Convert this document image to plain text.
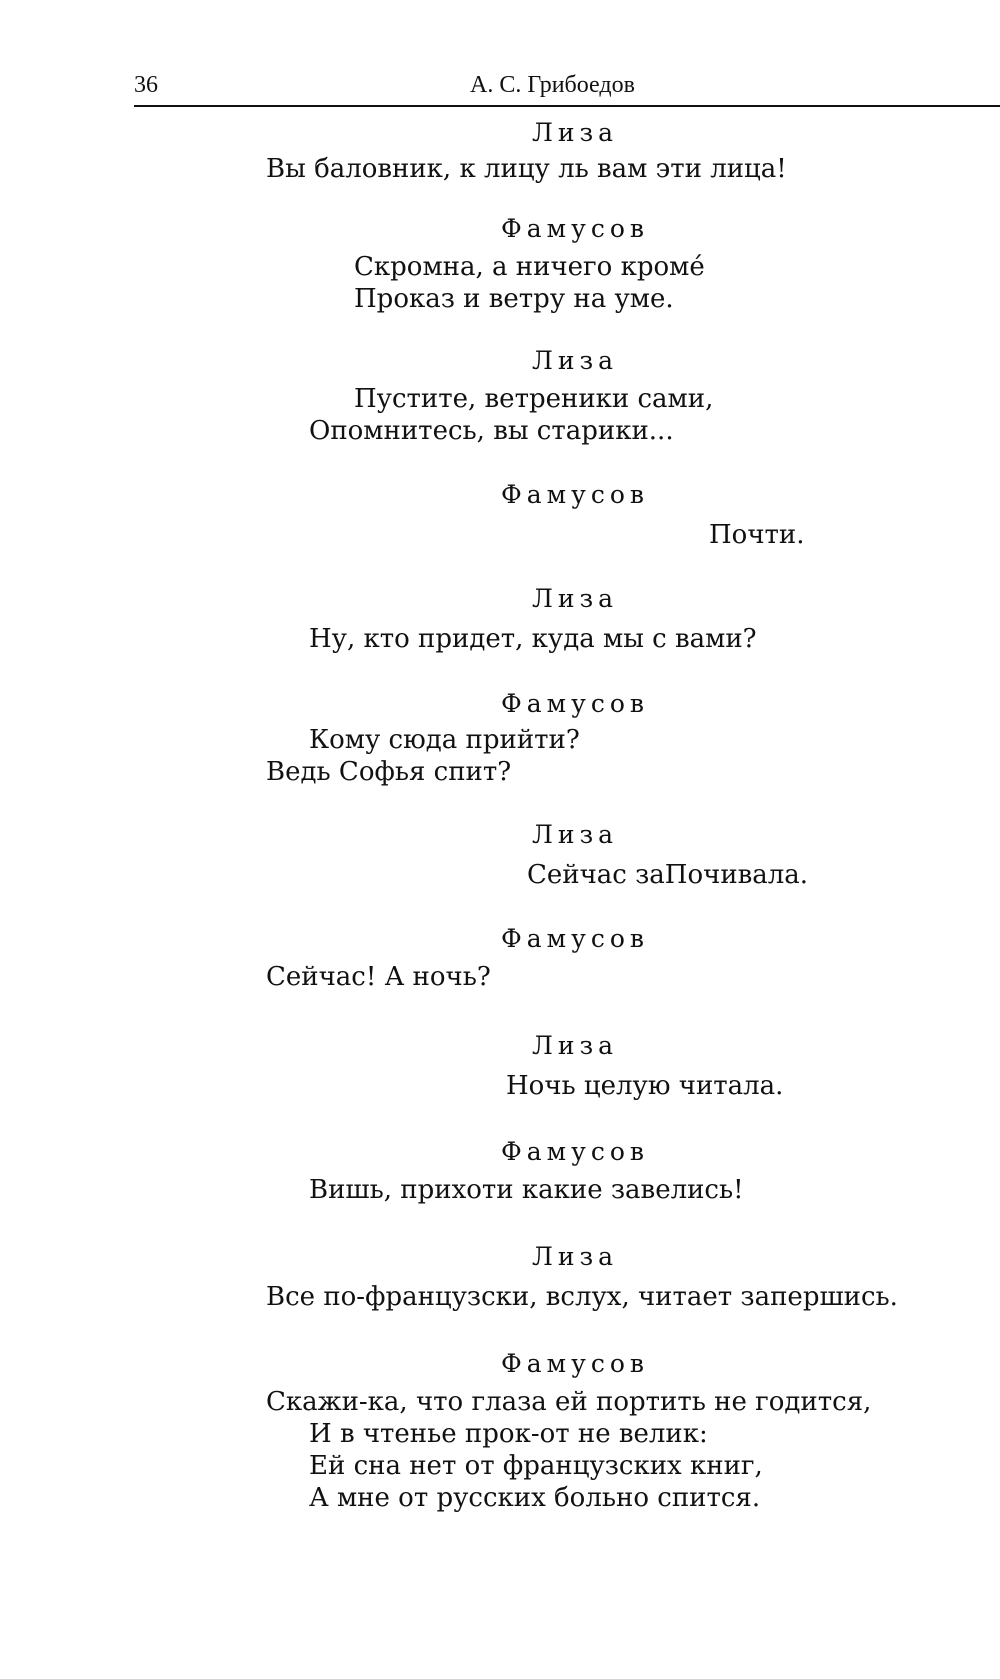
36	А. С. Грибоедов
Лиза
Вы баловник, к лицу ль вам эти лица!
Фамусов
Скромна, а ничего кромé
Проказ и ветру на уме.
Лиза
Пустите, ветреники сами,
Опомнитесь, вы старики...
Фамусов
Почти.
Лиза
Ну, кто придет, куда мы с вами?
Фамусов
Кому сюда прийти?
Ведь Софья спит?
Лиза
Сейчас заПочивала.
Фамусов
Сейчас! А ночь?
Лиза
Ночь целую читала.
Фамусов
Вишь, прихоти какие завелись!
Лиза
Все по-французски, вслух, читает запершись.
Фамусов
Скажи-ка, что глаза ей портить не годится,
И в чтенье прок-от не велик:
Ей сна нет от французских книг,
А мне от русских больно спится.
